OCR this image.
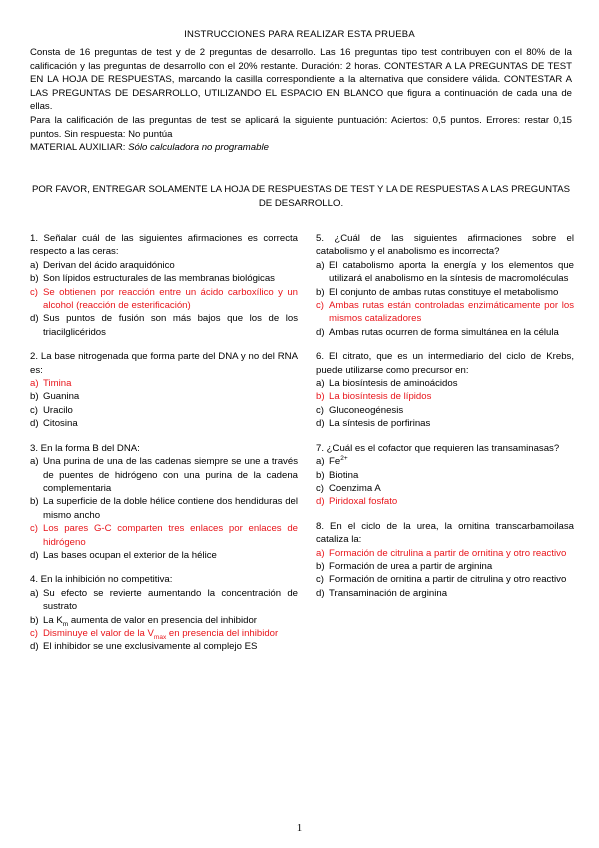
INSTRUCCIONES PARA REALIZAR ESTA PRUEBA

Consta de 16 preguntas de test y de 2 preguntas de desarrollo. Las 16 preguntas tipo test contribuyen con el 80% de la calificación y las preguntas de desarrollo con el 20% restante. Duración: 2 horas. CONTESTAR A LA PREGUNTAS DE TEST EN LA HOJA DE RESPUESTAS, marcando la casilla correspondiente a la alternativa que considere válida. CONTESTAR A LAS PREGUNTAS DE DESARROLLO, UTILIZANDO EL ESPACIO EN BLANCO que figura a continuación de cada una de ellas.

Para la calificación de las preguntas de test se aplicará la siguiente puntuación: Aciertos: 0,5 puntos. Errores: restar 0,15 puntos. Sin respuesta: No puntúa

MATERIAL AUXILIAR: Sólo calculadora no programable

POR FAVOR, ENTREGAR SOLAMENTE LA HOJA DE RESPUESTAS DE TEST Y LA DE RESPUESTAS A LAS PREGUNTAS DE DESARROLLO.
1. Señalar cuál de las siguientes afirmaciones es correcta respecto a las ceras:
a) Derivan del ácido araquidónico
b) Son lípidos estructurales de las membranas biológicas
c) Se obtienen por reacción entre un ácido carboxílico y un alcohol (reacción de esterificación)
d) Sus puntos de fusión son más bajos que los de los triacilglicéridos
2. La base nitrogenada que forma parte del DNA y no del RNA es:
a) Timina
b) Guanina
c) Uracilo
d) Citosina
3. En la forma B del DNA:
a) Una purina de una de las cadenas siempre se une a través de puentes de hidrógeno con una purina de la cadena complementaria
b) La superficie de la doble hélice contiene dos hendiduras del mismo ancho
c) Los pares G-C comparten tres enlaces por enlaces de hidrógeno
d) Las bases ocupan el exterior de la hélice
4. En la inhibición no competitiva:
a) Su efecto se revierte aumentando la concentración de sustrato
b) La $K_m$ aumenta de valor en presencia del inhibidor
c) Disminuye el valor de la $V_{max}$ en presencia del inhibidor
d) El inhibidor se une exclusivamente al complejo ES
5. ¿Cuál de las siguientes afirmaciones sobre el catabolismo y el anabolismo es incorrecta?
a) El catabolismo aporta la energía y los elementos que utilizará el anabolismo en la síntesis de macromoléculas
b) El conjunto de ambas rutas constituye el metabolismo
c) Ambas rutas están controladas enzimáticamente por los mismos catalizadores
d) Ambas rutas ocurren de forma simultánea en la célula
6. El citrato, que es un intermediario del ciclo de Krebs, puede utilizarse como precursor en:
a) La biosíntesis de aminoácidos
b) La biosíntesis de lípidos
c) Gluconeogénesis
d) La síntesis de porfirinas
7. ¿Cuál es el cofactor que requieren las transaminasas?
a) $Fe^{2+}$
b) Biotina
c) Coenzima A
d) Piridoxal fosfato
8. En el ciclo de la urea, la ornitina transcarbamoilasa cataliza la:
a) Formación de citrulina a partir de ornitina y otro reactivo
b) Formación de urea a partir de arginina
c) Formación de ornitina a partir de citrulina y otro reactivo
d) Transaminación de arginina
1
